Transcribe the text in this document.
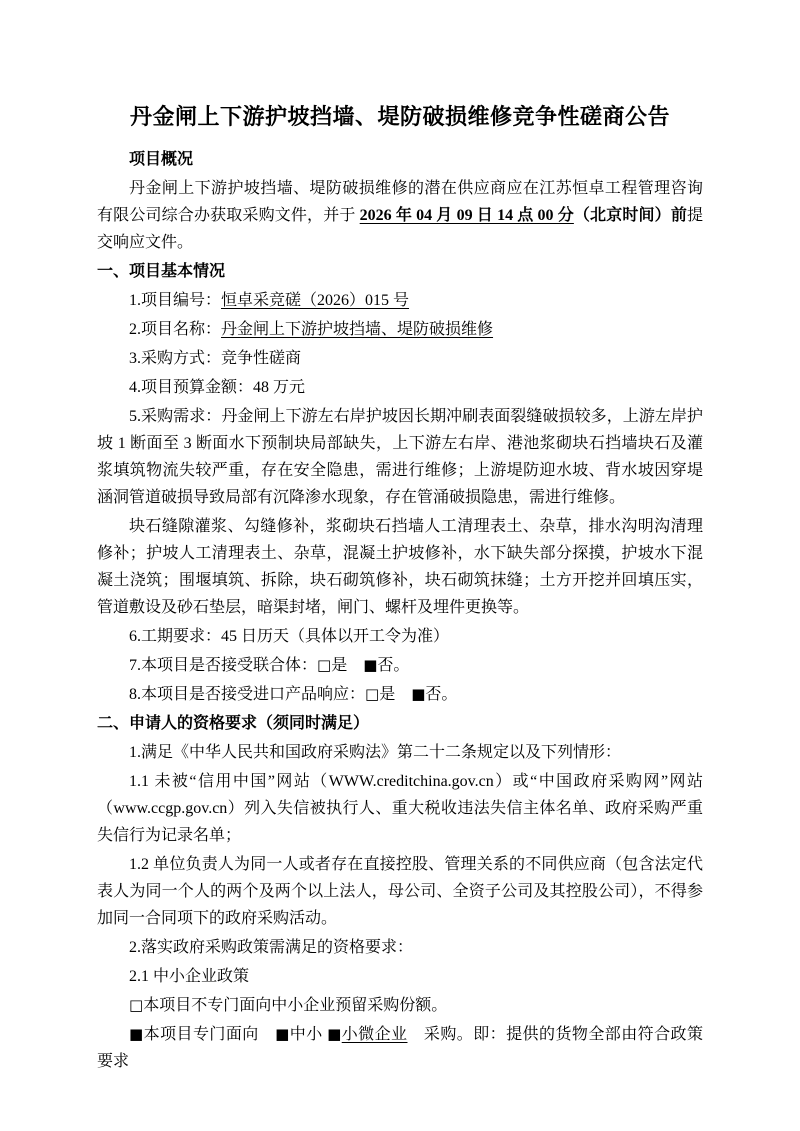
丹金闸上下游护坡挡墙、堤防破损维修竞争性磋商公告

项目概况

丹金闸上下游护坡挡墙、堤防破损维修的潜在供应商应在江苏恒卓工程管理咨询有限公司综合办获取采购文件，并于 2026 年 04 月 09 日 14 点 00 分（北京时间）前提交响应文件。

一、项目基本情况

1.项目编号：恒卓采竞磋（2026）015 号

2.项目名称：丹金闸上下游护坡挡墙、堤防破损维修

3.采购方式：竞争性磋商

4.项目预算金额：48 万元

5.采购需求：丹金闸上下游左右岸护坡因长期冲刷表面裂缝破损较多，上游左岸护坡 1 断面至 3 断面水下预制块局部缺失，上下游左右岸、港池浆砌块石挡墙块石及灌浆填筑物流失较严重，存在安全隐患，需进行维修；上游堤防迎水坡、背水坡因穿堤涵洞管道破损导致局部有沉降渗水现象，存在管涌破损隐患，需进行维修。

块石缝隙灌浆、勾缝修补，浆砌块石挡墙人工清理表土、杂草，排水沟明沟清理修补；护坡人工清理表土、杂草，混凝土护坡修补，水下缺失部分探摸，护坡水下混凝土浇筑；围堰填筑、拆除，块石砌筑修补，块石砌筑抹缝；土方开挖并回填压实，管道敷设及砂石垫层，暗渠封堵，闸门、螺杆及埋件更换等。

6.工期要求：45 日历天（具体以开工令为准）

7.本项目是否接受联合体：□是　■否。

8.本项目是否接受进口产品响应：□是　■否。

二、申请人的资格要求（须同时满足）

1.满足《中华人民共和国政府采购法》第二十二条规定以及下列情形：

1.1 未被“信用中国”网站（WWW.creditchina.gov.cn）或“中国政府采购网”网站（www.ccgp.gov.cn）列入失信被执行人、重大税收违法失信主体名单、政府采购严重失信行为记录名单；

1.2 单位负责人为同一人或者存在直接控股、管理关系的不同供应商（包含法定代表人为同一个人的两个及两个以上法人，母公司、全资子公司及其控股公司），不得参加同一合同项下的政府采购活动。

2.落实政府采购政策需满足的资格要求：

2.1 中小企业政策

□本项目不专门面向中小企业预留采购份额。

■本项目专门面向　■中小 ■小微企业　采购。即：提供的货物全部由符合政策要求
